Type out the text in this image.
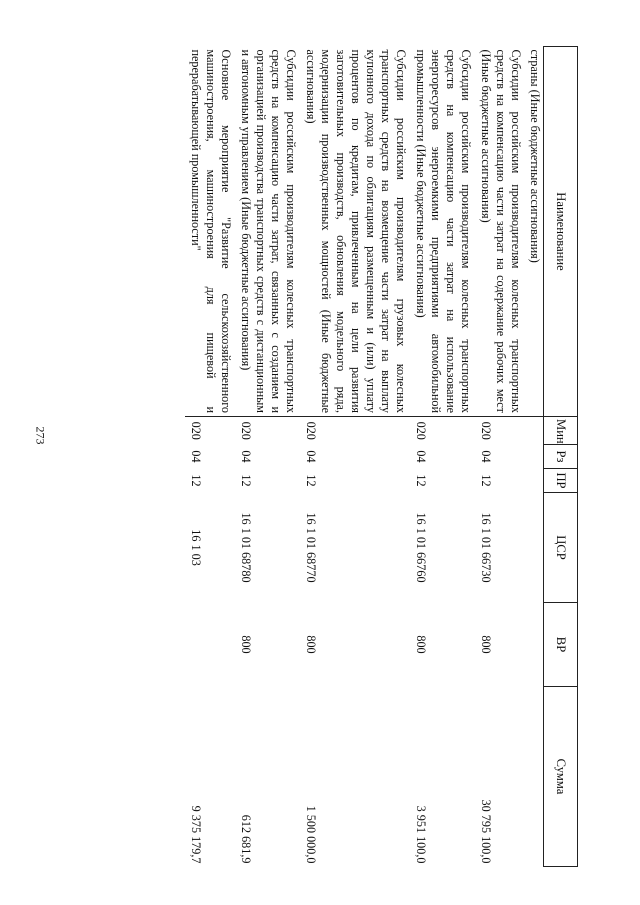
273
Наименование	Мин	Рз	ПР	ЦСР	ВР	Сумма
страны (Иные бюджетные ассигнования)						
Субсидии российским производителям колесных транспортных средств на компенсацию части затрат на содержание рабочих мест (Иные бюджетные ассигнования)	020	04	12	16 1 01 66730	800	30 795 100,0
Субсидии российским производителям колесных транспортных средств на компенсацию части затрат на использование энергоресурсов энергоемкими предприятиями автомобильной промышленности (Иные бюджетные ассигнования)	020	04	12	16 1 01 66760	800	3 951 100,0
Субсидии российским производителям грузовых колесных транспортных средств на возмещение части затрат на выплату купонного дохода по облигациям размещенным и (или) уплату процентов по кредитам, привлеченным на цели развития заготовительных производств, обновления модельного ряда, модернизации производственных мощностей (Иные бюджетные ассигнования)	020	04	12	16 1 01 68770	800	1 500 000,0
Субсидии российским производителям колесных транспортных средств на компенсацию части затрат, связанных с созданием и организацией производства транспортных средств с дистанционным и автономным управлением (Иные бюджетные ассигнования)	020	04	12	16 1 01 68780	800	612 681,9
Основное мероприятие "Развитие сельскохозяйственного машиностроения, машиностроения для пищевой и перерабатывающей промышленности"	020	04	12	16 1 03		9 375 179,7
